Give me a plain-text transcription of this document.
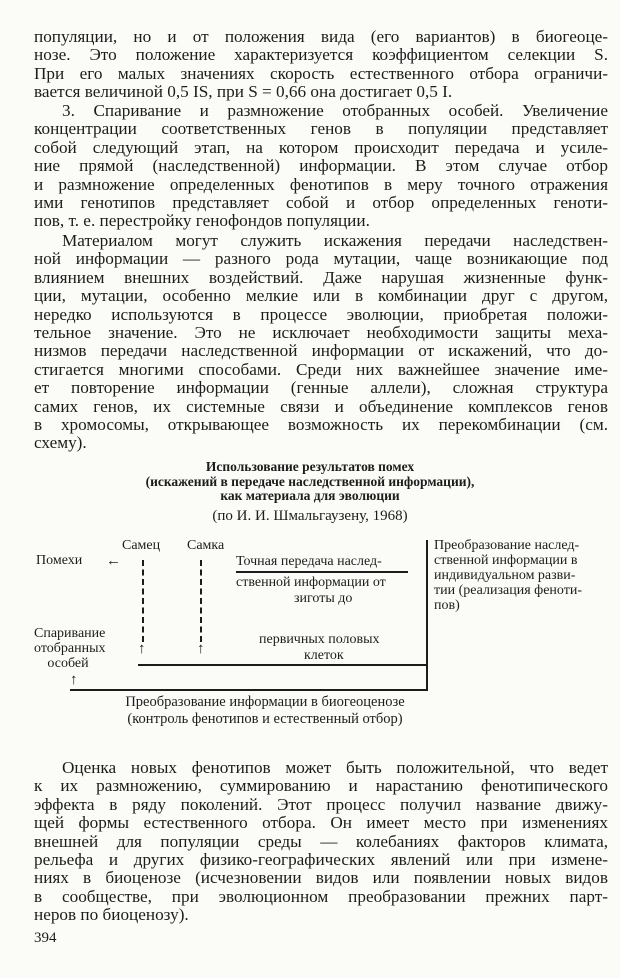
популяции, но и от положения вида (его вариантов) в биогеоце-
нозе. Это положение характеризуется коэффициентом селекции S.
При его малых значениях скорость естественного отбора ограничи-
вается величиной 0,5 IS, при S = 0,66 она достигает 0,5 I.
3. Спаривание и размножение отобранных особей. Увеличение
концентрации соответственных генов в популяции представляет
собой следующий этап, на котором происходит передача и усиле-
ние прямой (наследственной) информации. В этом случае отбор
и размножение определенных фенотипов в меру точного отражения
ими генотипов представляет собой и отбор определенных геноти-
пов, т. е. перестройку генофондов популяции.
Материалом могут служить искажения передачи наследствен-
ной информации — разного рода мутации, чаще возникающие под
влиянием внешних воздействий. Даже нарушая жизненные функ-
ции, мутации, особенно мелкие или в комбинации друг с другом,
нередко используются в процессе эволюции, приобретая положи-
тельное значение. Это не исключает необходимости защиты меха-
низмов передачи наследственной информации от искажений, что до-
стигается многими способами. Среди них важнейшее значение име-
ет повторение информации (генные аллели), сложная структура
самих генов, их системные связи и объединение комплексов генов
в хромосомы, открывающее возможность их перекомбинации (см.
схему).
Использование результатов помех
(искажений в передаче наследственной информации),
как материала для эволюции
(по И. И. Шмальгаузену, 1968)
Самец Самка
Помехи ←
↑	↑
Точная передача наслед-
ственной информации от
зиготы до
первичных половых
клеток
Спаривание
отобранных
особей
↑
Преобразование наслед-
ственной информации в
индивидуальном разви-
тии (реализация феноти-
пов)
Преобразование информации в биогеоценозе
(контроль фенотипов и естественный отбор)
Оценка новых фенотипов может быть положительной, что ведет
к их размножению, суммированию и нарастанию фенотипического
эффекта в ряду поколений. Этот процесс получил название движу-
щей формы естественного отбора. Он имеет место при изменениях
внешней для популяции среды — колебаниях факторов климата,
рельефа и других физико-географических явлений или при измене-
ниях в биоценозе (исчезновении видов или появлении новых видов
в сообществе, при эволюционном преобразовании прежних парт-
неров по биоценозу).
394
